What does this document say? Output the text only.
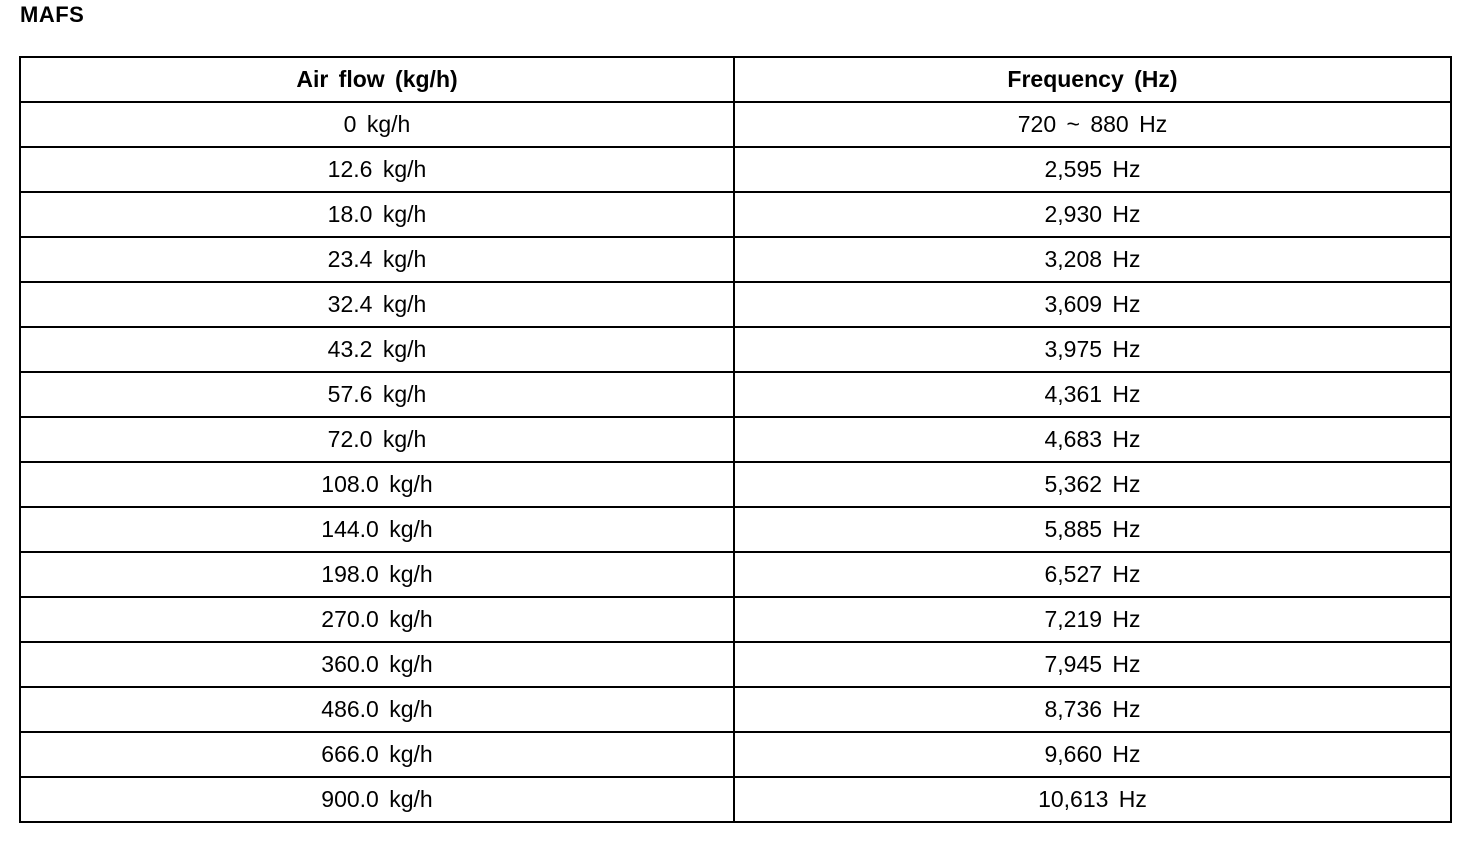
MAFS
Air flow (kg/h)	Frequency (Hz)
0 kg/h	720 ~ 880 Hz
12.6 kg/h	2,595 Hz
18.0 kg/h	2,930 Hz
23.4 kg/h	3,208 Hz
32.4 kg/h	3,609 Hz
43.2 kg/h	3,975 Hz
57.6 kg/h	4,361 Hz
72.0 kg/h	4,683 Hz
108.0 kg/h	5,362 Hz
144.0 kg/h	5,885 Hz
198.0 kg/h	6,527 Hz
270.0 kg/h	7,219 Hz
360.0 kg/h	7,945 Hz
486.0 kg/h	8,736 Hz
666.0 kg/h	9,660 Hz
900.0 kg/h	10,613 Hz
